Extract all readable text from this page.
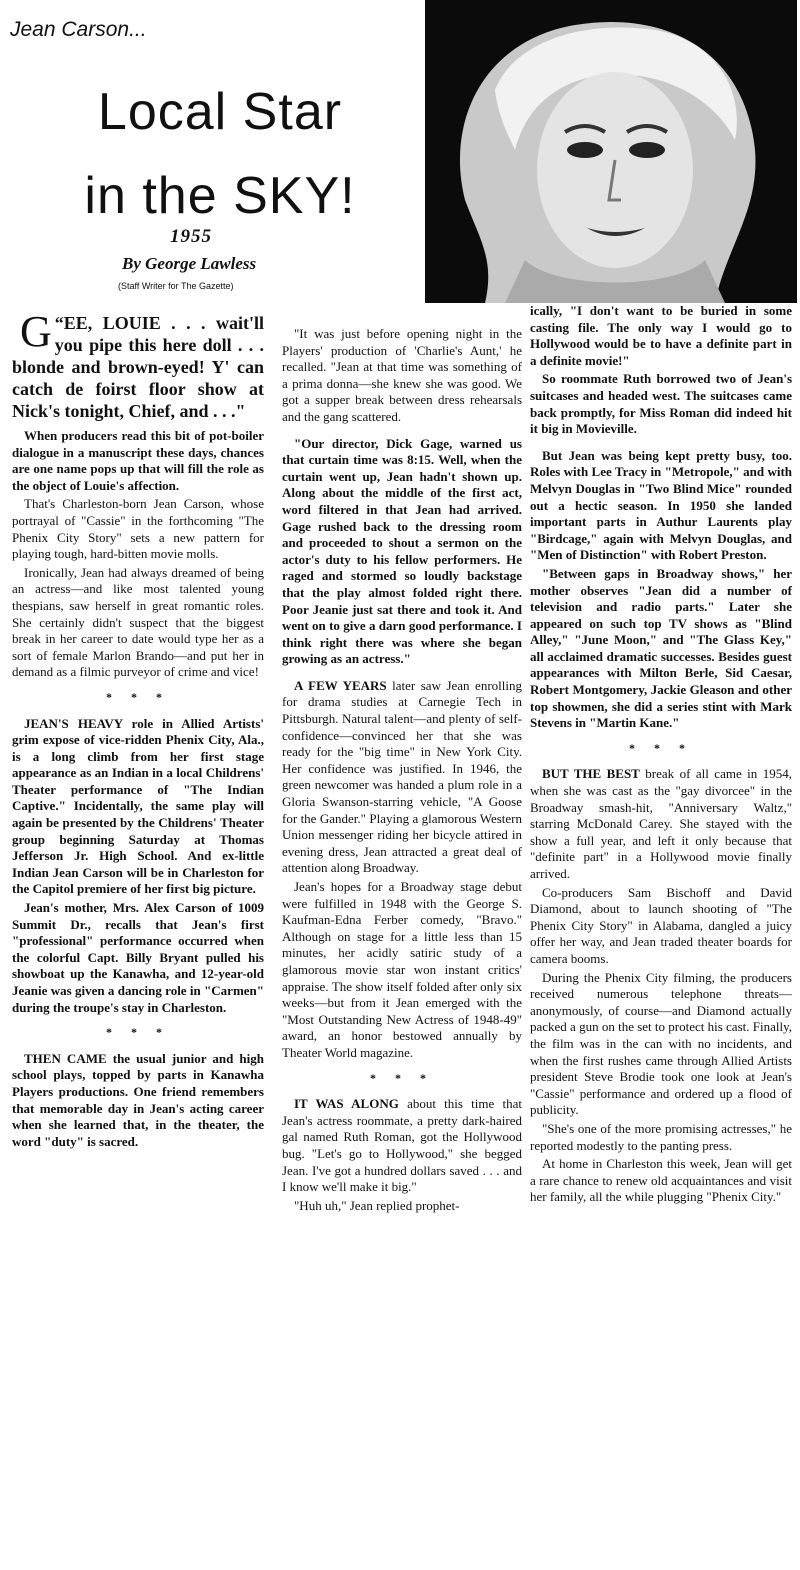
Jean Carson...
Local Star
in the SKY!
1955
By George Lawless
(Staff Writer for The Gazette)

“
G EE, LOUIE . . . wait'll you pipe this here doll . . . blonde and brown-eyed! Y' can catch de foirst floor show at Nick's tonight, Chief, and . . ."

When producers read this bit of pot-boiler dialogue in a manuscript these days, chances are one name pops up that will fill the role as the object of Louie's affection.

That's Charleston-born Jean Carson, whose portrayal of "Cassie" in the forthcoming "The Phenix City Story" sets a new pattern for playing tough, hard-bitten movie molls.

Ironically, Jean had always dreamed of being an actress—and like most talented young thespians, saw herself in great romantic roles. She certainly didn't suspect that the biggest break in her career to date would type her as a sort of female Marlon Brando—and put her in demand as a filmic purveyor of crime and vice!

* * *

JEAN'S HEAVY role in Allied Artists' grim expose of vice-ridden Phenix City, Ala., is a long climb from her first stage appearance as an Indian in a local Childrens' Theater performance of "The Indian Captive." Incidentally, the same play will again be presented by the Childrens' Theater group beginning Saturday at Thomas Jefferson Jr. High School. And ex-little Indian Jean Carson will be in Charleston for the Capitol premiere of her first big picture.

Jean's mother, Mrs. Alex Carson of 1009 Summit Dr., recalls that Jean's first "professional" performance occurred when the colorful Capt. Billy Bryant pulled his showboat up the Kanawha, and 12-year-old Jeanie was given a dancing role in "Carmen" during the troupe's stay in Charleston.

* * *

THEN CAME the usual junior and high school plays, topped by parts in Kanawha Players productions. One friend remembers that memorable day in Jean's acting career when she learned that, in the theater, the word "duty" is sacred.

"It was just before opening night in the Players' production of 'Charlie's Aunt,' he recalled. "Jean at that time was something of a prima donna—she knew she was good. We got a supper break between dress rehearsals and the gang scattered.

"Our director, Dick Gage, warned us that curtain time was 8:15. Well, when the curtain went up, Jean hadn't shown up. Along about the middle of the first act, word filtered in that Jean had arrived. Gage rushed back to the dressing room and proceeded to shout a sermon on the actor's duty to his fellow performers. He raged and stormed so loudly backstage that the play almost folded right there. Poor Jeanie just sat there and took it. And went on to give a darn good performance. I think right there was where she began growing as an actress."

A FEW YEARS later saw Jean enrolling for drama studies at Carnegie Tech in Pittsburgh. Natural talent—and plenty of self-confidence—convinced her that she was ready for the "big time" in New York City. Her confidence was justified. In 1946, the green newcomer was handed a plum role in a Gloria Swanson-starring vehicle, "A Goose for the Gander." Playing a glamorous Western Union messenger riding her bicycle attired in evening dress, Jean attracted a great deal of attention along Broadway.

Jean's hopes for a Broadway stage debut were fulfilled in 1948 with the George S. Kaufman-Edna Ferber comedy, "Bravo." Although on stage for a little less than 15 minutes, her acidly satiric study of a glamorous movie star won instant critics' appraise. The show itself folded after only six weeks—but from it Jean emerged with the "Most Outstanding New Actress of 1948-49" award, an honor bestowed annually by Theater World magazine.

* * *

IT WAS ALONG about this time that Jean's actress roommate, a pretty dark-haired gal named Ruth Roman, got the Hollywood bug. "Let's go to Hollywood," she begged Jean. I've got a hundred dollars saved . . . and I know we'll make it big."

"Huh uh," Jean replied prophet-

ically, "I don't want to be buried in some casting file. The only way I would go to Hollywood would be to have a definite part in a definite movie!"

So roommate Ruth borrowed two of Jean's suitcases and headed west. The suitcases came back promptly, for Miss Roman did indeed hit it big in Movieville.

But Jean was being kept pretty busy, too. Roles with Lee Tracy in "Metropole," and with Melvyn Douglas in "Two Blind Mice" rounded out a hectic season. In 1950 she landed important parts in Authur Laurents play "Birdcage," again with Melvyn Douglas, and "Men of Distinction" with Robert Preston.

"Between gaps in Broadway shows," her mother observes "Jean did a number of television and radio parts." Later she appeared on such top TV shows as "Blind Alley," "June Moon," and "The Glass Key," all acclaimed dramatic successes. Besides guest appearances with Milton Berle, Sid Caesar, Robert Montgomery, Jackie Gleason and other top showmen, she did a series stint with Mark Stevens in "Martin Kane."

* * *

BUT THE BEST break of all came in 1954, when she was cast as the "gay divorcee" in the Broadway smash-hit, "Anniversary Waltz," starring McDonald Carey. She stayed with the show a full year, and left it only because that "definite part" in a Hollywood movie finally arrived.

Co-producers Sam Bischoff and David Diamond, about to launch shooting of "The Phenix City Story" in Alabama, dangled a juicy offer her way, and Jean traded theater boards for camera booms.

During the Phenix City filming, the producers received numerous telephone threats—anonymously, of course—and Diamond actually packed a gun on the set to protect his cast. Finally, the film was in the can with no incidents, and when the first rushes came through Allied Artists president Steve Brodie took one look at Jean's "Cassie" performance and ordered up a flood of publicity.

"She's one of the more promising actresses," he reported modestly to the panting press.

At home in Charleston this week, Jean will get a rare chance to renew old acquaintances and visit her family, all the while plugging "Phenix City."
